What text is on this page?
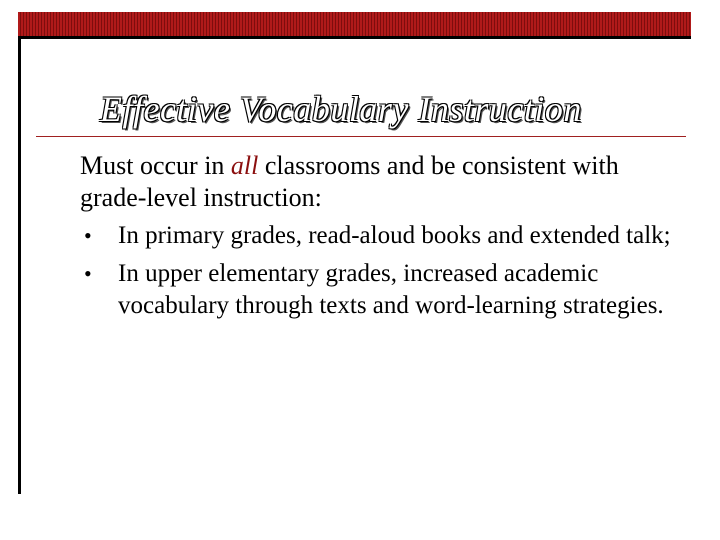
Effective Vocabulary Instruction

Must occur in all classrooms and be consistent with grade-level instruction:

• In primary grades, read-aloud books and extended talk;
• In upper elementary grades, increased academic vocabulary through texts and word-learning strategies.
